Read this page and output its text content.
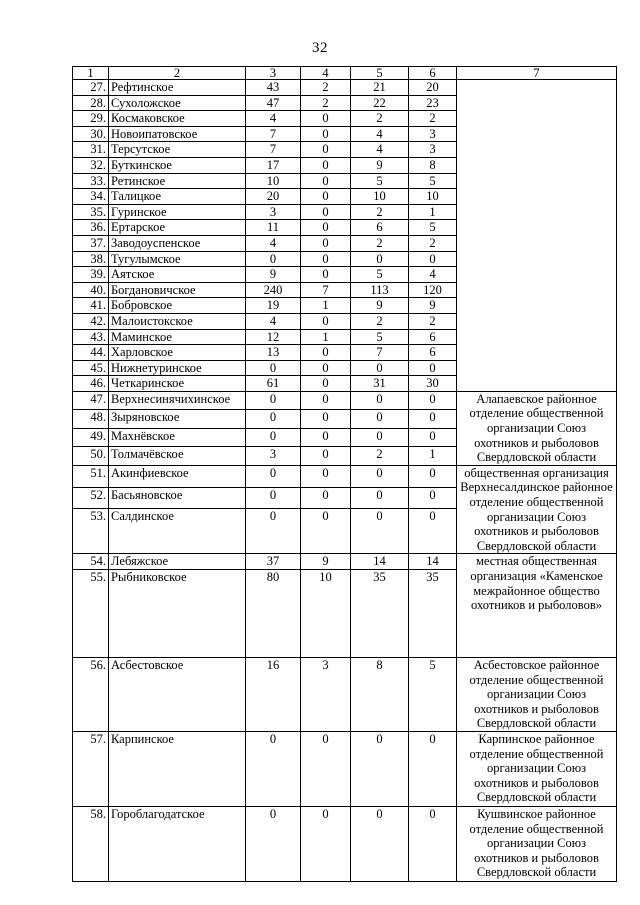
32
1	2	3	4	5	6	7
27.	Рефтинское	43	2	21	20	
28.	Сухоложское	47	2	22	23	
29.	Космаковское	4	0	2	2	
30.	Новоипатовское	7	0	4	3	
31.	Терсутское	7	0	4	3	
32.	Буткинское	17	0	9	8	
33.	Ретинское	10	0	5	5	
34.	Талицкое	20	0	10	10	
35.	Гуринское	3	0	2	1	
36.	Ертарское	11	0	6	5	
37.	Заводоуспенское	4	0	2	2	
38.	Тугулымское	0	0	0	0	
39.	Аятское	9	0	5	4	
40.	Богдановичское	240	7	113	120	
41.	Бобровское	19	1	9	9	
42.	Малоистокское	4	0	2	2	
43.	Маминское	12	1	5	6	
44.	Харловское	13	0	7	6	
45.	Нижнетуринское	0	0	0	0	
46.	Четкаринское	61	0	31	30	
47.	Верхнесинячихинское	0	0	0	0	Алапаевское районное отделение общественной организации Союз охотников и рыболовов Свердловской области
48.	Зыряновское	0	0	0	0	
49.	Махнёвское	0	0	0	0	
50.	Толмачёвское	3	0	2	1	
51.	Акинфиевское	0	0	0	0	общественная организация Верхнесалдинское районное отделение общественной организации Союз охотников и рыболовов Свердловской области
52.	Басьяновское	0	0	0	0	
53.	Салдинское	0	0	0	0	
54.	Лебяжское	37	9	14	14	местная общественная организация «Каменское межрайонное общество охотников и рыболовов»
55.	Рыбниковское	80	10	35	35	
56.	Асбестовское	16	3	8	5	Асбестовское районное отделение общественной организации Союз охотников и рыболовов Свердловской области
57.	Карпинское	0	0	0	0	Карпинское районное отделение общественной организации Союз охотников и рыболовов Свердловской области
58.	Гороблагодатское	0	0	0	0	Кушвинское районное отделение общественной организации Союз охотников и рыболовов Свердловской области
